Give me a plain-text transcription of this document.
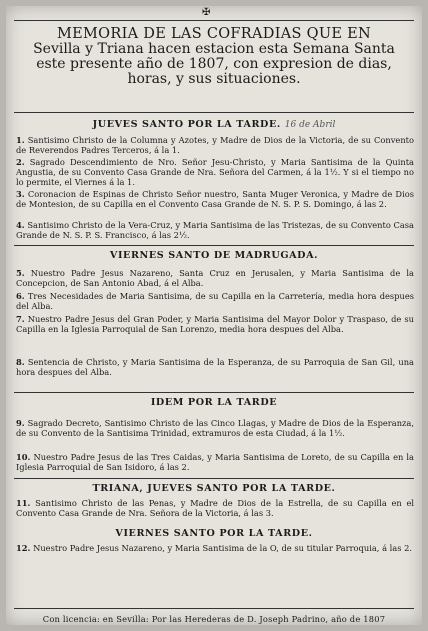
✠
MEMORIA DE LAS COFRADIAS QUE EN
Sevilla y Triana hacen estacion esta Semana Santa
este presente año de 1807, con expresion de dias,
horas, y sus situaciones.
JUEVES SANTO POR LA TARDE. 16 de Abril
1. Santisimo Christo de la Columna y Azotes, y Madre de Dios de la Victoria, de su Convento de Reverendos Padres Terceros, á la 1.
2. Sagrado Descendimiento de Nro. Señor Jesu-Christo, y Maria Santisima de la Quinta Angustia, de su Convento Casa Grande de Nra. Señora del Carmen, á la 1½. Y si el tiempo no lo permite, el Viernes á la 1.
3. Coronacion de Espinas de Christo Señor nuestro, Santa Muger Veronica, y Madre de Dios de Montesion, de su Capilla en el Convento Casa Grande de N. S. P. S. Domingo, á las 2.
4. Santisimo Christo de la Vera-Cruz, y Maria Santisima de las Tristezas, de su Convento Casa Grande de N. S. P. S. Francisco, á las 2½.
VIERNES SANTO DE MADRUGADA.
5. Nuestro Padre Jesus Nazareno, Santa Cruz en Jerusalen, y Maria Santisima de la Concepcion, de San Antonio Abad, á el Alba.
6. Tres Necesidades de Maria Santisima, de su Capilla en la Carretería, media hora despues del Alba.
7. Nuestro Padre Jesus del Gran Poder, y Maria Santisima del Mayor Dolor y Traspaso, de su Capilla en la Iglesia Parroquial de San Lorenzo, media hora despues del Alba.
8. Sentencia de Christo, y Maria Santisima de la Esperanza, de su Parroquia de San Gil, una hora despues del Alba.
IDEM POR LA TARDE
9. Sagrado Decreto, Santisimo Christo de las Cinco Llagas, y Madre de Dios de la Esperanza, de su Convento de la Santisima Trinidad, extramuros de esta Ciudad, á la 1½.
10. Nuestro Padre Jesus de las Tres Caidas, y Maria Santisima de Loreto, de su Capilla en la Iglesia Parroquial de San Isidoro, á las 2.
TRIANA, JUEVES SANTO POR LA TARDE.
11. Santisimo Christo de las Penas, y Madre de Dios de la Estrella, de su Capilla en el Convento Casa Grande de Nra. Señora de la Victoria, á las 3.
VIERNES SANTO POR LA TARDE.
12. Nuestro Padre Jesus Nazareno, y Maria Santisima de la O, de su titular Parroquia, á las 2.
Con licencia: en Sevilla: Por las Herederas de D. Joseph Padrino, año de 1807
